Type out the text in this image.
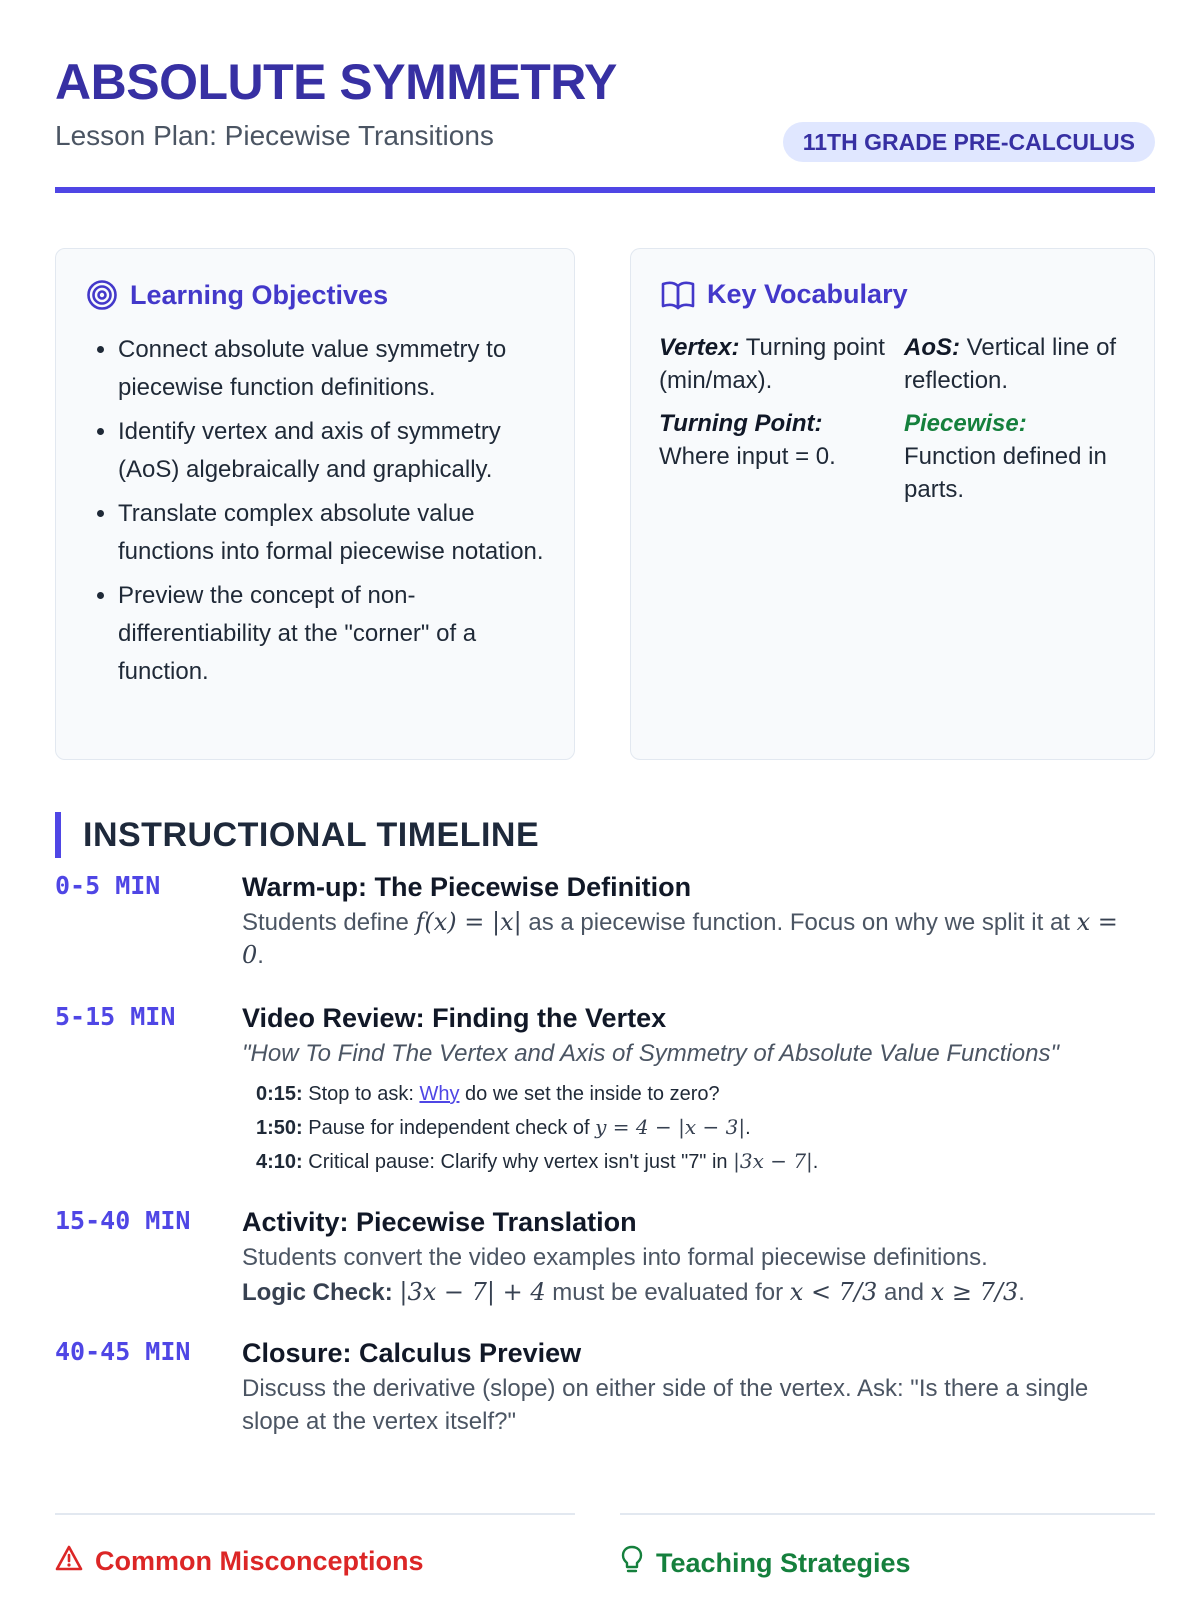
ABSOLUTE SYMMETRY
Lesson Plan: Piecewise Transitions	11TH GRADE PRE-CALCULUS
Learning Objectives
• Connect absolute value symmetry to piecewise function definitions.
• Identify vertex and axis of symmetry (AoS) algebraically and graphically.
• Translate complex absolute value functions into formal piecewise notation.
• Preview the concept of non-differentiability at the "corner" of a function.
Key Vocabulary
Vertex: Turning point (min/max).
AoS: Vertical line of reflection.
Turning Point:
Where input = 0.
Piecewise:
Function defined in parts.
INSTRUCTIONAL TIMELINE
0-5 MIN	Warm-up: The Piecewise Definition
Students define f(x) = |x| as a piecewise function. Focus on why we split it at x = 0.
5-15 MIN Video Review: Finding the Vertex
"How To Find The Vertex and Axis of Symmetry of Absolute Value Functions"
0:15: Stop to ask: Why do we set the inside to zero?
1:50: Pause for independent check of y = 4 − |x − 3|.
4:10: Critical pause: Clarify why vertex isn't just "7" in |3x − 7|.
15-40 MIN Activity: Piecewise Translation
Students convert the video examples into formal piecewise definitions.
Logic Check: |3x − 7| + 4 must be evaluated for x < 7/3 and x ≥ 7/3.
40-45 MIN Closure: Calculus Preview
Discuss the derivative (slope) on either side of the vertex. Ask: "Is there a single slope at the vertex itself?"
Common Misconceptions	Teaching Strategies
